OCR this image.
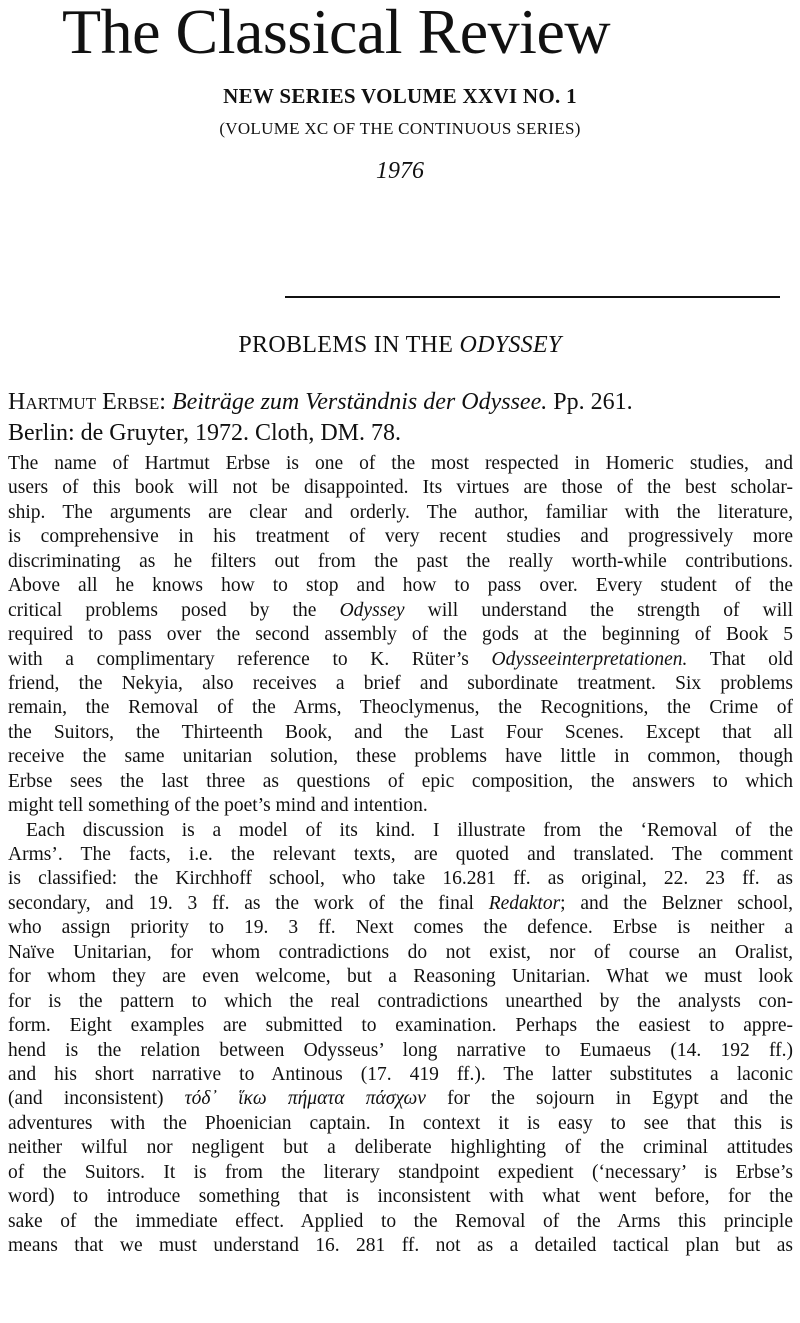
The Classical Review
NEW SERIES VOLUME XXVI NO. 1
(VOLUME XC OF THE CONTINUOUS SERIES)
1976
PROBLEMS IN THE ODYSSEY
Hartmut Erbse: Beiträge zum Verständnis der Odyssee. Pp. 261.
Berlin: de Gruyter, 1972. Cloth, DM. 78.
The name of Hartmut Erbse is one of the most respected in Homeric studies, and
users of this book will not be disappointed. Its virtues are those of the best scholar-
ship. The arguments are clear and orderly. The author, familiar with the literature,
is comprehensive in his treatment of very recent studies and progressively more
discriminating as he filters out from the past the really worth-while contributions.
Above all he knows how to stop and how to pass over. Every student of the
critical problems posed by the Odyssey will understand the strength of will
required to pass over the second assembly of the gods at the beginning of Book 5
with a complimentary reference to K. Rüter’s Odysseeinterpretationen. That old
friend, the Nekyia, also receives a brief and subordinate treatment. Six problems
remain, the Removal of the Arms, Theoclymenus, the Recognitions, the Crime of
the Suitors, the Thirteenth Book, and the Last Four Scenes. Except that all
receive the same unitarian solution, these problems have little in common, though
Erbse sees the last three as questions of epic composition, the answers to which
might tell something of the poet’s mind and intention.
Each discussion is a model of its kind. I illustrate from the ‘Removal of the
Arms’. The facts, i.e. the relevant texts, are quoted and translated. The comment
is classified: the Kirchhoff school, who take 16.281 ff. as original, 22. 23 ff. as
secondary, and 19. 3 ff. as the work of the final Redaktor; and the Belzner school,
who assign priority to 19. 3 ff. Next comes the defence. Erbse is neither a
Naïve Unitarian, for whom contradictions do not exist, nor of course an Oralist,
for whom they are even welcome, but a Reasoning Unitarian. What we must look
for is the pattern to which the real contradictions unearthed by the analysts con-
form. Eight examples are submitted to examination. Perhaps the easiest to appre-
hend is the relation between Odysseus’ long narrative to Eumaeus (14. 192 ff.)
and his short narrative to Antinous (17. 419 ff.). The latter substitutes a laconic
(and inconsistent) τόδ᾽ ἵκω πήματα πάσχων for the sojourn in Egypt and the
adventures with the Phoenician captain. In context it is easy to see that this is
neither wilful nor negligent but a deliberate highlighting of the criminal attitudes
of the Suitors. It is from the literary standpoint expedient (‘necessary’ is Erbse’s
word) to introduce something that is inconsistent with what went before, for the
sake of the immediate effect. Applied to the Removal of the Arms this principle
means that we must understand 16. 281 ff. not as a detailed tactical plan but as
